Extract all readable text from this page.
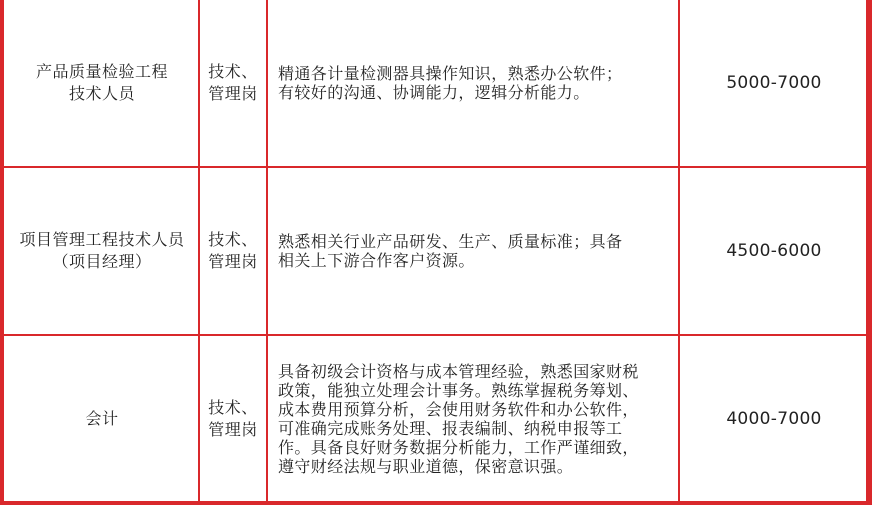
产品质量检验工程
技术人员
技术、
管理岗
精通各计量检测器具操作知识，熟悉办公软件；
有较好的沟通、协调能力，逻辑分析能力。	5000-7000
项目管理工程技术人员
（项目经理）
技术、
管理岗
熟悉相关行业产品研发、生产、质量标准；具备
相关上下游合作客户资源。	4500-6000
会计
技术、
管理岗
具备初级会计资格与成本管理经验，熟悉国家财税
政策，能独立处理会计事务。熟练掌握税务筹划、
成本费用预算分析，会使用财务软件和办公软件，
可准确完成账务处理、报表编制、纳税申报等工
作。具备良好财务数据分析能力，工作严谨细致，
遵守财经法规与职业道德，保密意识强。
4000-7000
